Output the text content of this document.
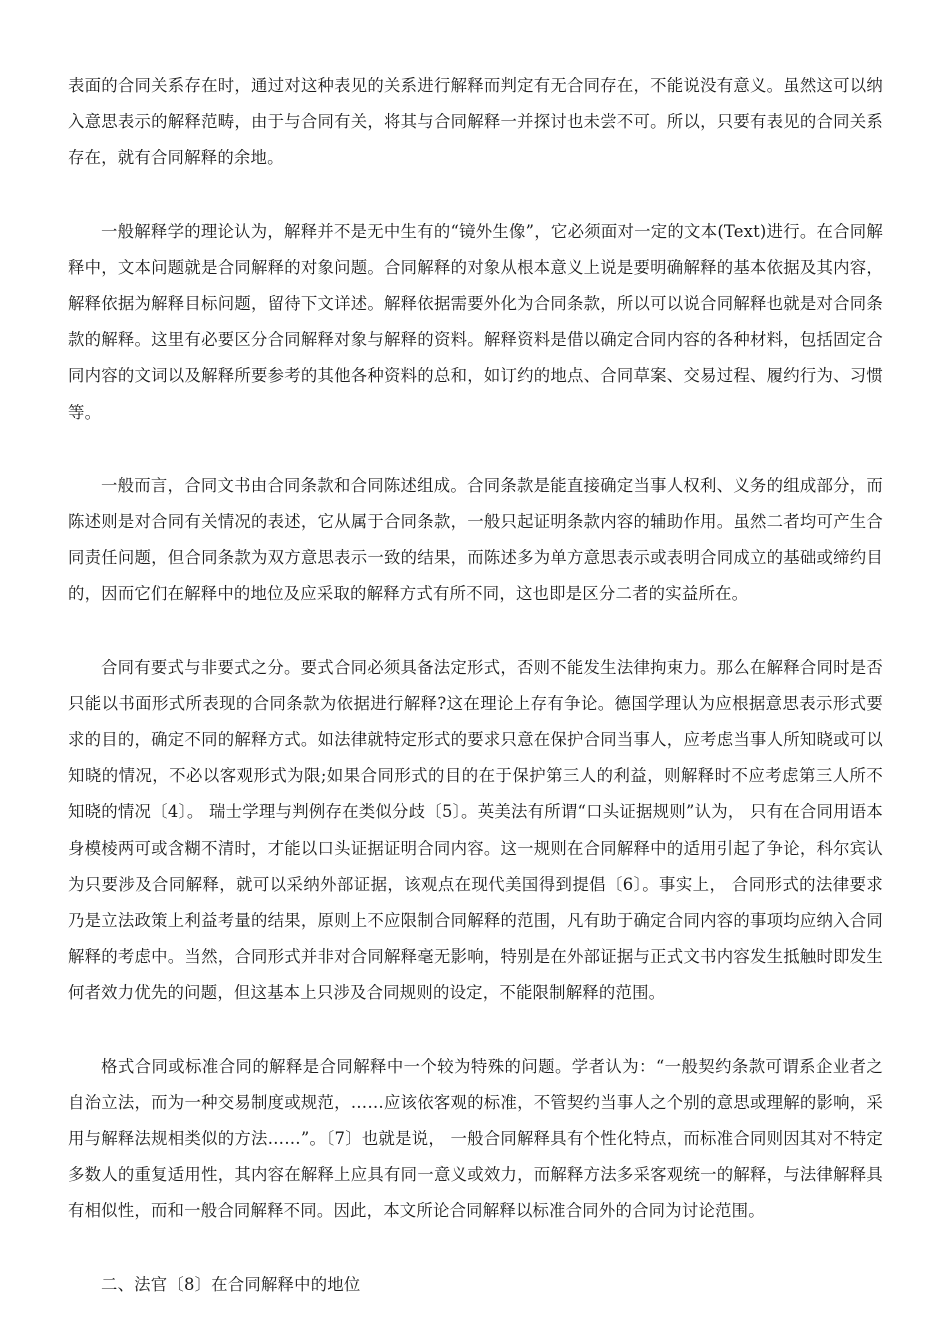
表面的合同关系存在时，通过对这种表见的关系进行解释而判定有无合同存在，不能说没有意义。虽然这可以纳入意思表示的解释范畴，由于与合同有关，将其与合同解释一并探讨也未尝不可。所以，只要有表见的合同关系存在，就有合同解释的余地。

一般解释学的理论认为，解释并不是无中生有的“镜外生像”，它必须面对一定的文本(Text)进行。在合同解释中，文本问题就是合同解释的对象问题。合同解释的对象从根本意义上说是要明确解释的基本依据及其内容，解释依据为解释目标问题，留待下文详述。解释依据需要外化为合同条款，所以可以说合同解释也就是对合同条款的解释。这里有必要区分合同解释对象与解释的资料。解释资料是借以确定合同内容的各种材料，包括固定合同内容的文词以及解释所要参考的其他各种资料的总和，如订约的地点、合同草案、交易过程、履约行为、习惯等。

一般而言，合同文书由合同条款和合同陈述组成。合同条款是能直接确定当事人权利、义务的组成部分，而陈述则是对合同有关情况的表述，它从属于合同条款，一般只起证明条款内容的辅助作用。虽然二者均可产生合同责任问题，但合同条款为双方意思表示一致的结果，而陈述多为单方意思表示或表明合同成立的基础或缔约目的，因而它们在解释中的地位及应采取的解释方式有所不同，这也即是区分二者的实益所在。

合同有要式与非要式之分。要式合同必须具备法定形式，否则不能发生法律拘束力。那么在解释合同时是否只能以书面形式所表现的合同条款为依据进行解释?这在理论上存有争论。德国学理认为应根据意思表示形式要求的目的，确定不同的解释方式。如法律就特定形式的要求只意在保护合同当事人，应考虑当事人所知晓或可以知晓的情况，不必以客观形式为限;如果合同形式的目的在于保护第三人的利益，则解释时不应考虑第三人所不知晓的情况〔4〕。 瑞士学理与判例存在类似分歧〔5〕。英美法有所谓“口头证据规则”认为， 只有在合同用语本身模棱两可或含糊不清时，才能以口头证据证明合同内容。这一规则在合同解释中的适用引起了争论，科尔宾认为只要涉及合同解释，就可以采纳外部证据，该观点在现代美国得到提倡〔6〕。事实上， 合同形式的法律要求乃是立法政策上利益考量的结果，原则上不应限制合同解释的范围，凡有助于确定合同内容的事项均应纳入合同解释的考虑中。当然，合同形式并非对合同解释毫无影响，特别是在外部证据与正式文书内容发生抵触时即发生何者效力优先的问题，但这基本上只涉及合同规则的设定，不能限制解释的范围。

格式合同或标准合同的解释是合同解释中一个较为特殊的问题。学者认为：“一般契约条款可谓系企业者之自治立法，而为一种交易制度或规范，……应该依客观的标准，不管契约当事人之个别的意思或理解的影响，采用与解释法规相类似的方法……”。〔7〕也就是说， 一般合同解释具有个性化特点，而标准合同则因其对不特定多数人的重复适用性，其内容在解释上应具有同一意义或效力，而解释方法多采客观统一的解释，与法律解释具有相似性，而和一般合同解释不同。因此，本文所论合同解释以标准合同外的合同为讨论范围。

二、法官〔8〕在合同解释中的地位
